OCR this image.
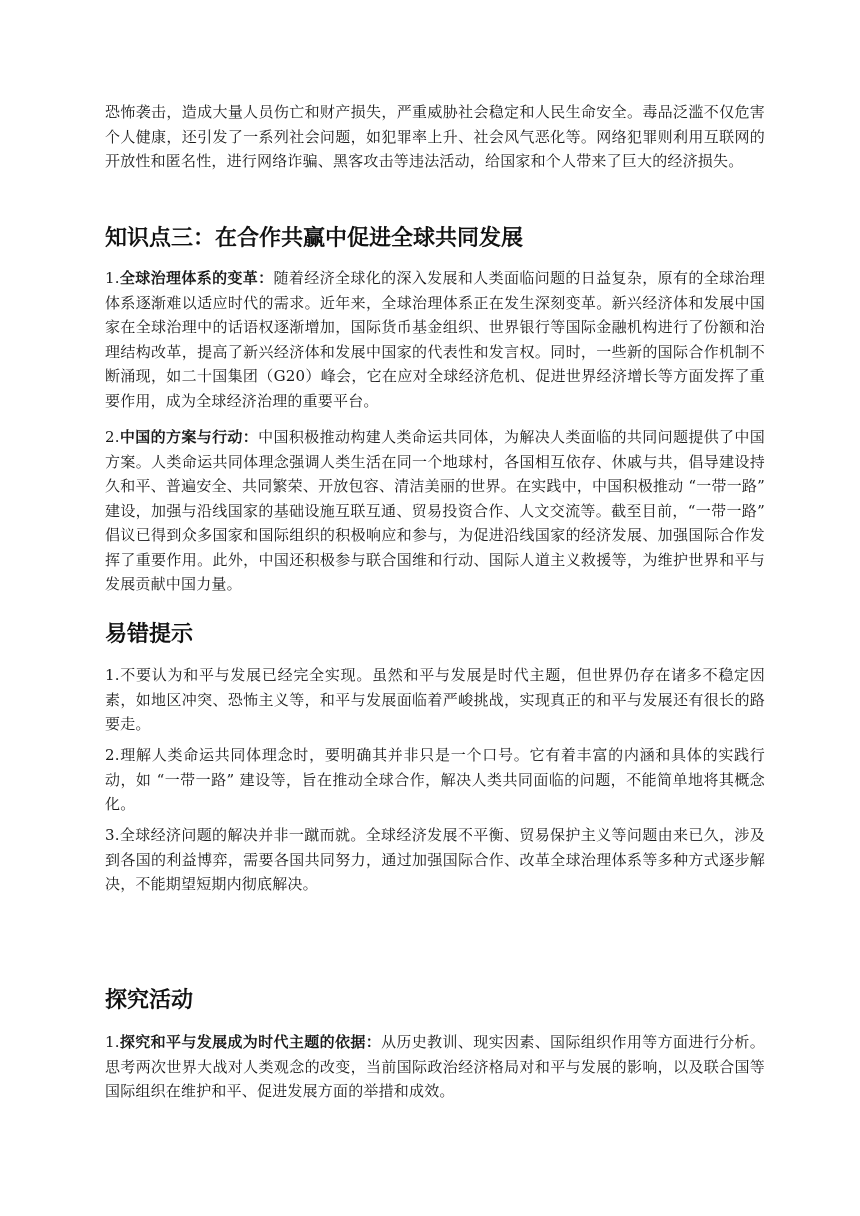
恐怖袭击，造成大量人员伤亡和财产损失，严重威胁社会稳定和人民生命安全。毒品泛滥不仅危害个人健康，还引发了一系列社会问题，如犯罪率上升、社会风气恶化等。网络犯罪则利用互联网的开放性和匿名性，进行网络诈骗、黑客攻击等违法活动，给国家和个人带来了巨大的经济损失。

知识点三：在合作共赢中促进全球共同发展

1.全球治理体系的变革：随着经济全球化的深入发展和人类面临问题的日益复杂，原有的全球治理体系逐渐难以适应时代的需求。近年来，全球治理体系正在发生深刻变革。新兴经济体和发展中国家在全球治理中的话语权逐渐增加，国际货币基金组织、世界银行等国际金融机构进行了份额和治理结构改革，提高了新兴经济体和发展中国家的代表性和发言权。同时，一些新的国际合作机制不断涌现，如二十国集团（G20）峰会，它在应对全球经济危机、促进世界经济增长等方面发挥了重要作用，成为全球经济治理的重要平台。

2.中国的方案与行动：中国积极推动构建人类命运共同体，为解决人类面临的共同问题提供了中国方案。人类命运共同体理念强调人类生活在同一个地球村，各国相互依存、休戚与共，倡导建设持久和平、普遍安全、共同繁荣、开放包容、清洁美丽的世界。在实践中，中国积极推动 “一带一路” 建设，加强与沿线国家的基础设施互联互通、贸易投资合作、人文交流等。截至目前，“一带一路” 倡议已得到众多国家和国际组织的积极响应和参与，为促进沿线国家的经济发展、加强国际合作发挥了重要作用。此外，中国还积极参与联合国维和行动、国际人道主义救援等，为维护世界和平与发展贡献中国力量。

易错提示

1.不要认为和平与发展已经完全实现。虽然和平与发展是时代主题，但世界仍存在诸多不稳定因素，如地区冲突、恐怖主义等，和平与发展面临着严峻挑战，实现真正的和平与发展还有很长的路要走。

2.理解人类命运共同体理念时，要明确其并非只是一个口号。它有着丰富的内涵和具体的实践行动，如 “一带一路” 建设等，旨在推动全球合作，解决人类共同面临的问题，不能简单地将其概念化。

3.全球经济问题的解决并非一蹴而就。全球经济发展不平衡、贸易保护主义等问题由来已久，涉及到各国的利益博弈，需要各国共同努力，通过加强国际合作、改革全球治理体系等多种方式逐步解决，不能期望短期内彻底解决。

探究活动

1.探究和平与发展成为时代主题的依据：从历史教训、现实因素、国际组织作用等方面进行分析。思考两次世界大战对人类观念的改变，当前国际政治经济格局对和平与发展的影响，以及联合国等国际组织在维护和平、促进发展方面的举措和成效。
